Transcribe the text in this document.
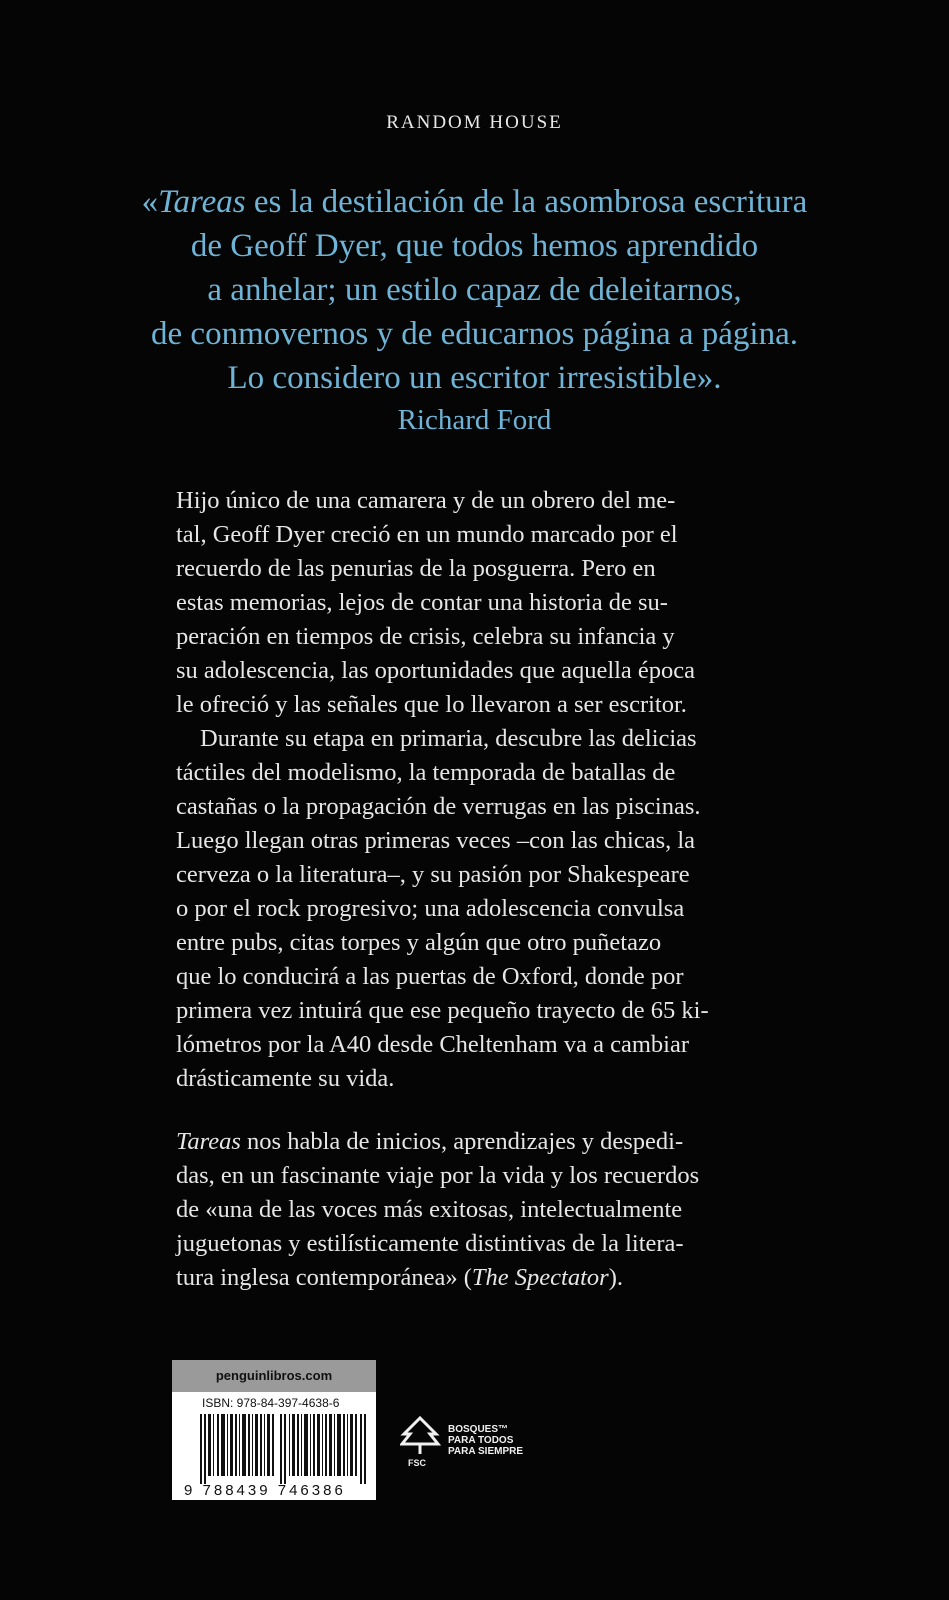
RANDOM HOUSE
«Tareas es la destilación de la asombrosa escritura
de Geoff Dyer, que todos hemos aprendido
a anhelar; un estilo capaz de deleitarnos,
de conmovernos y de educarnos página a página.
Lo considero un escritor irresistible».
Richard Ford
Hijo único de una camarera y de un obrero del me-
tal, Geoff Dyer creció en un mundo marcado por el
recuerdo de las penurias de la posguerra. Pero en
estas memorias, lejos de contar una historia de su-
peración en tiempos de crisis, celebra su infancia y
su adolescencia, las oportunidades que aquella época
le ofreció y las señales que lo llevaron a ser escritor.
Durante su etapa en primaria, descubre las delicias
táctiles del modelismo, la temporada de batallas de
castañas o la propagación de verrugas en las piscinas.
Luego llegan otras primeras veces –con las chicas, la
cerveza o la literatura–, y su pasión por Shakespeare
o por el rock progresivo; una adolescencia convulsa
entre pubs, citas torpes y algún que otro puñetazo
que lo conducirá a las puertas de Oxford, donde por
primera vez intuirá que ese pequeño trayecto de 65 ki-
lómetros por la A40 desde Cheltenham va a cambiar
drásticamente su vida.
Tareas nos habla de inicios, aprendizajes y despedi-
das, en un fascinante viaje por la vida y los recuerdos
de «una de las voces más exitosas, intelectualmente
juguetonas y estilísticamente distintivas de la litera-
tura inglesa contemporánea» (The Spectator).
penguinlibros.com
ISBN: 978-84-397-4638-6
9 788439 746386
BOSQUES™
PARA TODOS
PARA SIEMPRE
FSC
